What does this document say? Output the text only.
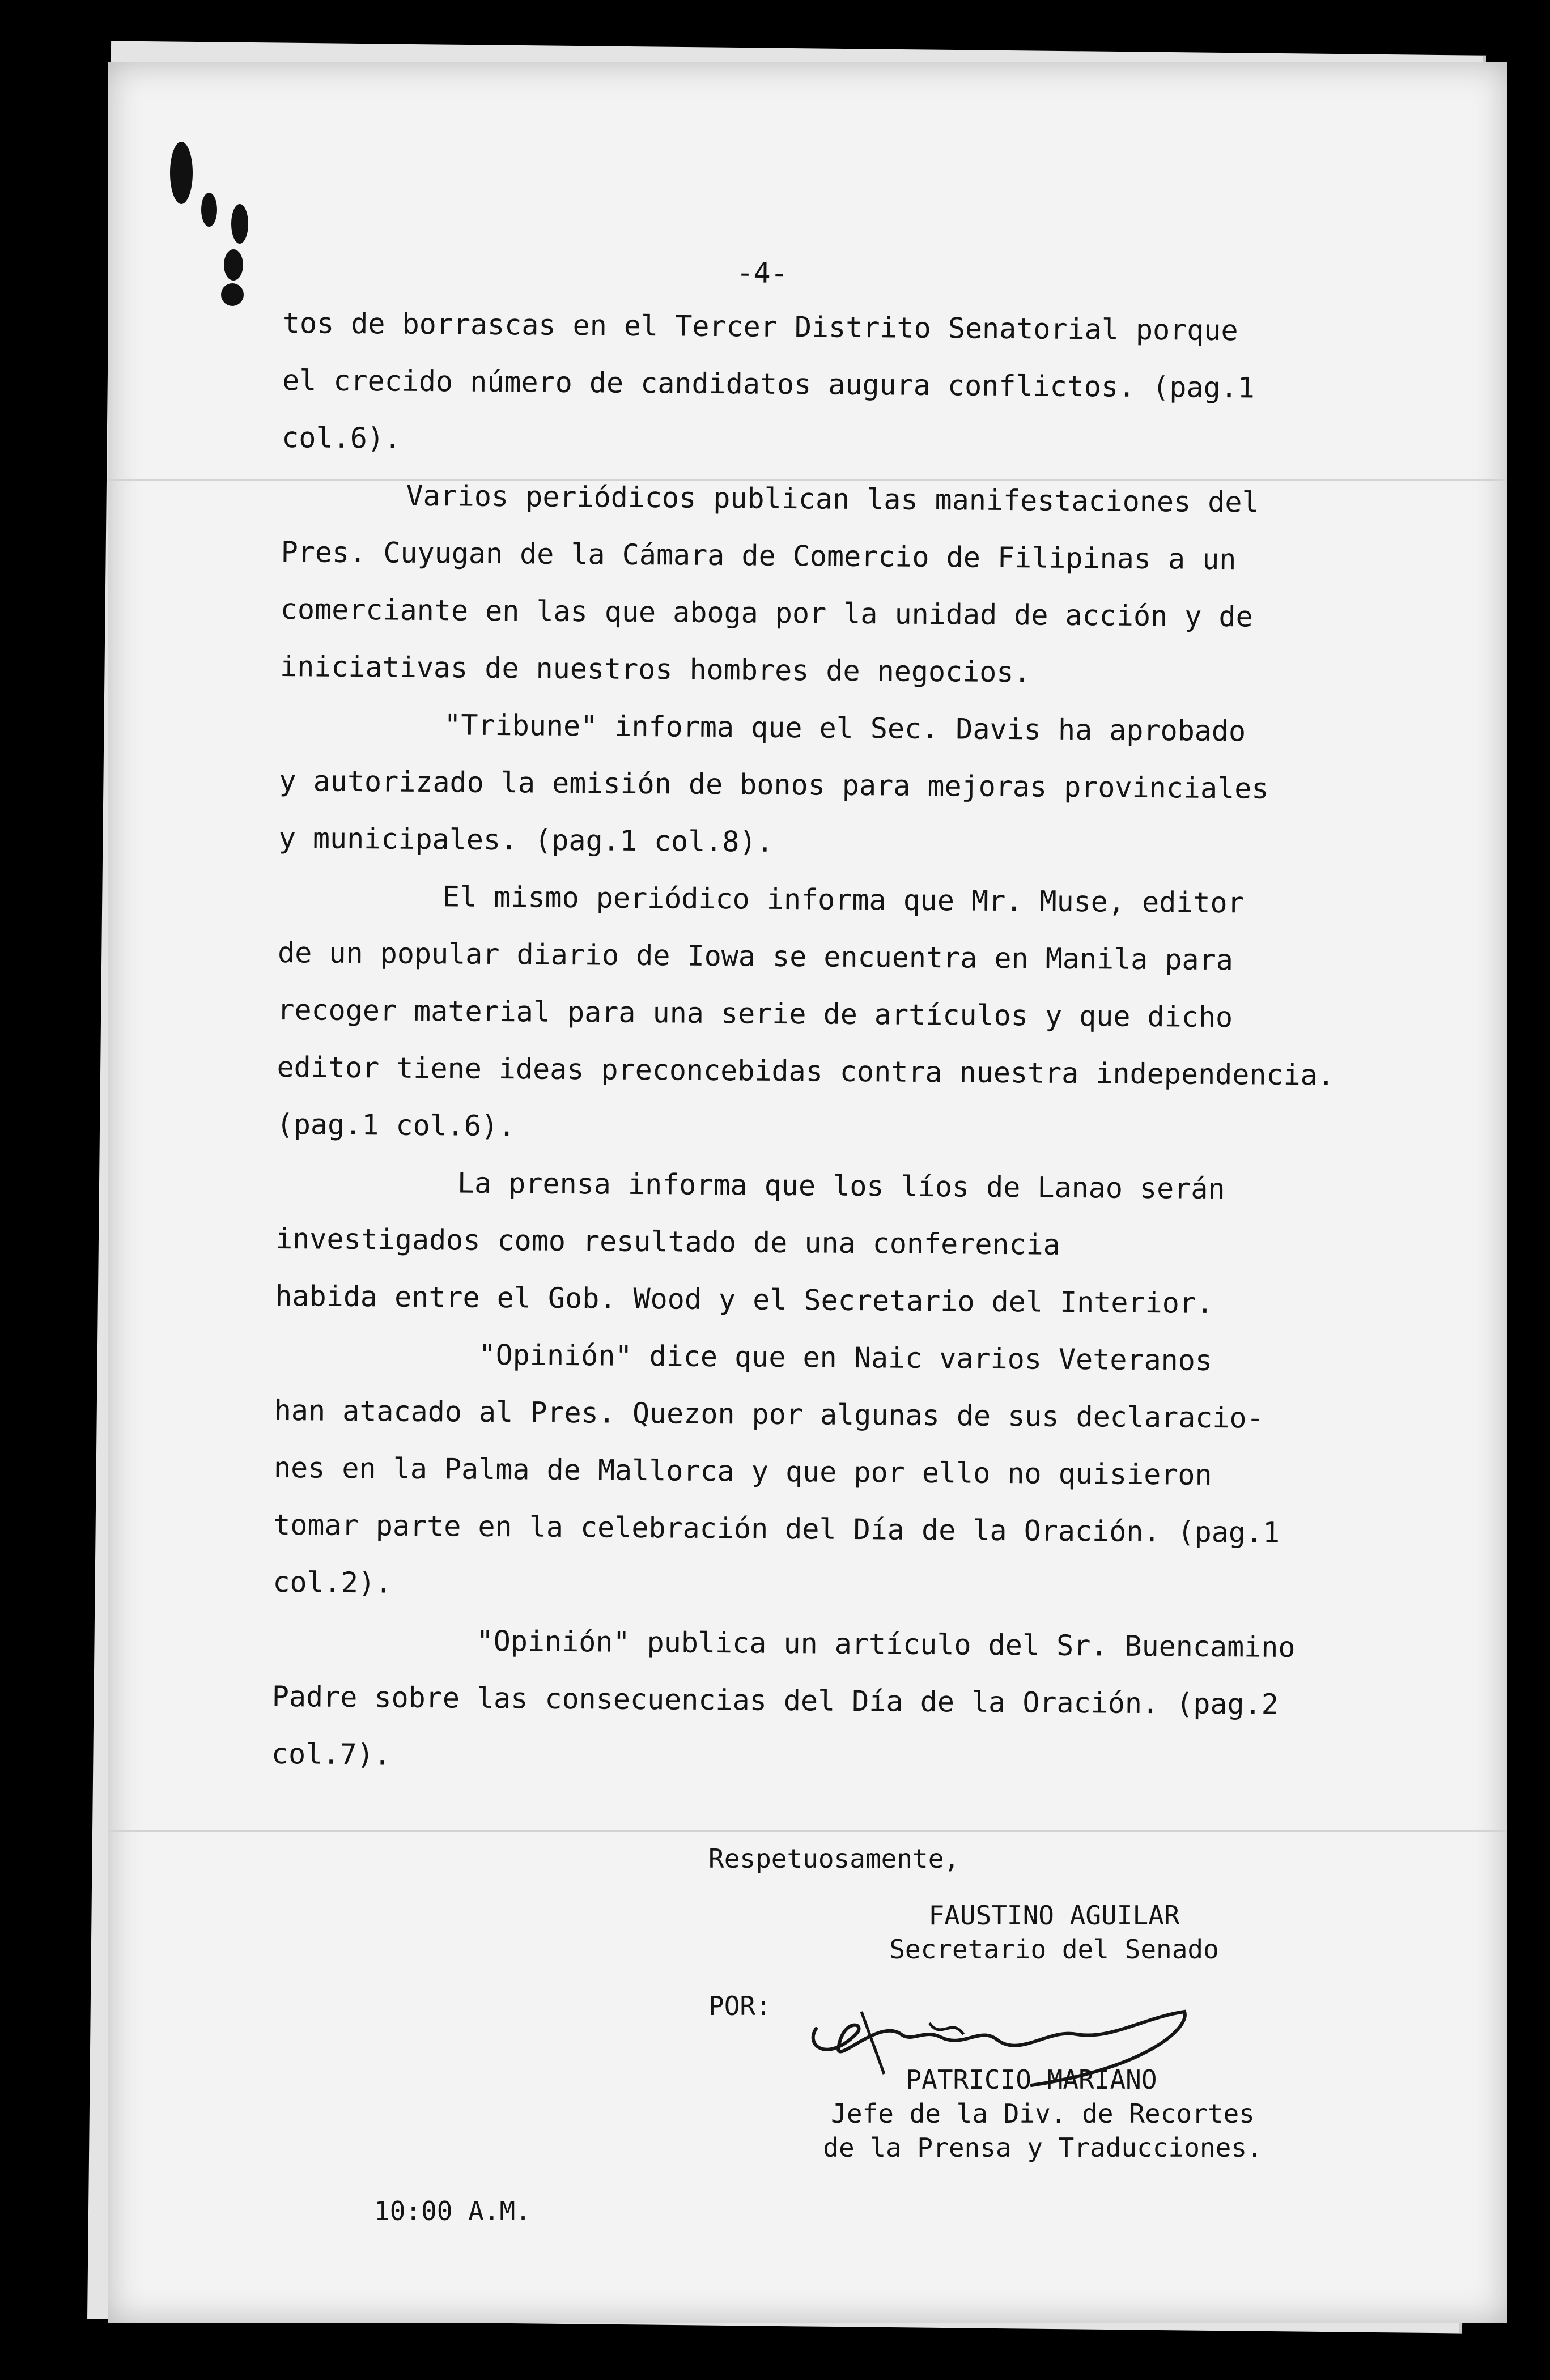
-4-

tos de borrascas en el Tercer Distrito Senatorial porque
el crecido número de candidatos augura conflictos. (pag.1
col.6).

Varios periódicos publican las manifestaciones del
Pres. Cuyugan de la Cámara de Comercio de Filipinas a un
comerciante en las que aboga por la unidad de acción y de
iniciativas de nuestros hombres de negocios.

"Tribune" informa que el Sec. Davis ha aprobado
y autorizado la emisión de bonos para mejoras provinciales
y municipales. (pag.1 col.8).

El mismo periódico informa que Mr. Muse, editor
de un popular diario de Iowa se encuentra en Manila para
recoger material para una serie de artículos y que dicho
editor tiene ideas preconcebidas contra nuestra independencia.
(pag.1 col.6).

La prensa informa que los líos de Lanao serán
investigados como resultado de una conferencia
habida entre el Gob. Wood y el Secretario del Interior.

"Opinión" dice que en Naic varios Veteranos
han atacado al Pres. Quezon por algunas de sus declaracio-
nes en la Palma de Mallorca y que por ello no quisieron
tomar parte en la celebración del Día de la Oración. (pag.1
col.2).

"Opinión" publica un artículo del Sr. Buencamino
Padre sobre las consecuencias del Día de la Oración. (pag.2
col.7).

Respetuosamente,
FAUSTINO AGUILAR
Secretario del Senado
POR:
PATRICIO MARIANO
Jefe de la Div. de Recortes
de la Prensa y Traducciones.
10:00 A.M.
